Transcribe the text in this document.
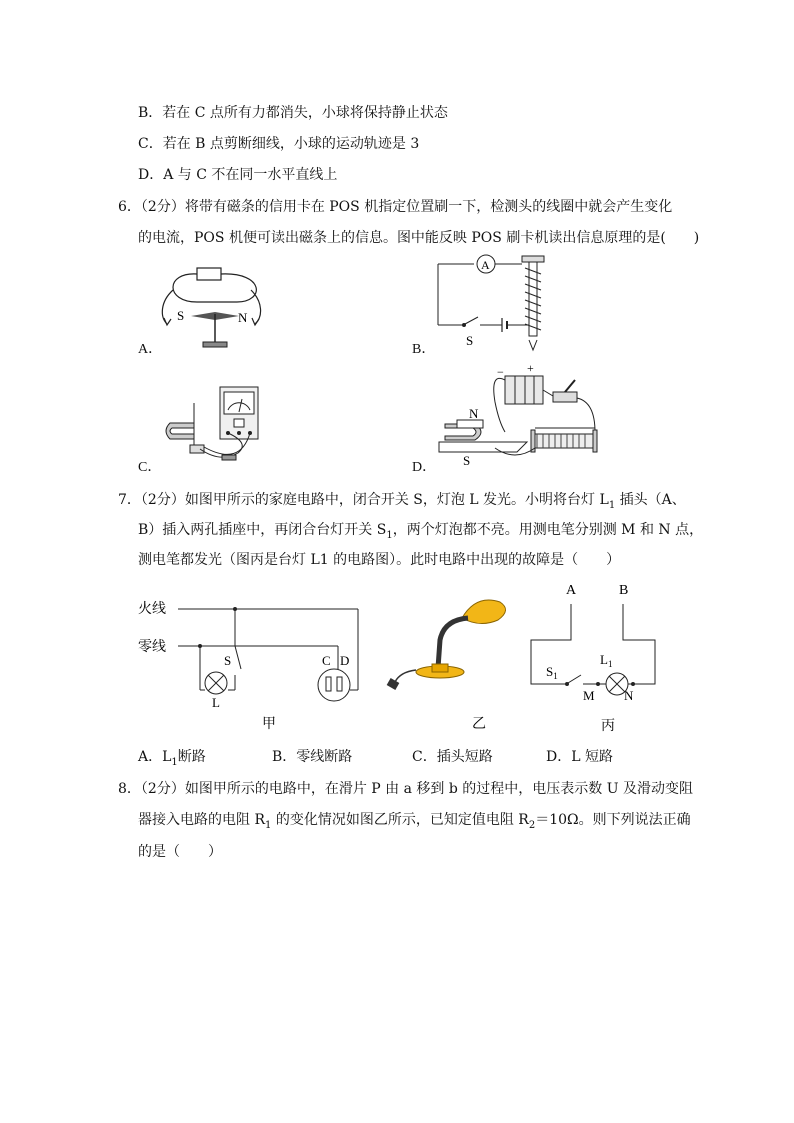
B．若在 C 点所有力都消失，小球将保持静止状态
C．若在 B 点剪断细线，小球的运动轨迹是 3
D．A 与 C 不在同一水平直线上
6．（2分）将带有磁条的信用卡在 POS 机指定位置刷一下，检测头的线圈中就会产生变化
的电流，POS 机便可读出磁条上的信息。图中能反映 POS 刷卡机读出信息原理的是(　　)
S	N
A．
A
S
B．
C．
− +
N
S
D．
7．（2分）如图甲所示的家庭电路中，闭合开关 S，灯泡 L 发光。小明将台灯 $L_1$ 插头（A、
B）插入两孔插座中，再闭合台灯开关 $S_1$，两个灯泡都不亮。用测电笔分别测 M 和 N 点，
测电笔都发光（图丙是台灯 L1 的电路图）。此时电路中出现的故障是（　　）
火线
零线
S
L
C D
甲	乙
A	B
$S_1$
$L_1$
M N
丙
A．$L_1$断路	B．零线断路	C．插头短路	D．L 短路
8．（2分）如图甲所示的电路中，在滑片 P 由 a 移到 b 的过程中，电压表示数 U 及滑动变阻
器接入电路的电阻 $R_1$ 的变化情况如图乙所示，已知定值电阻 $R_2=10\Omega$。则下列说法正确
的是（　　）
